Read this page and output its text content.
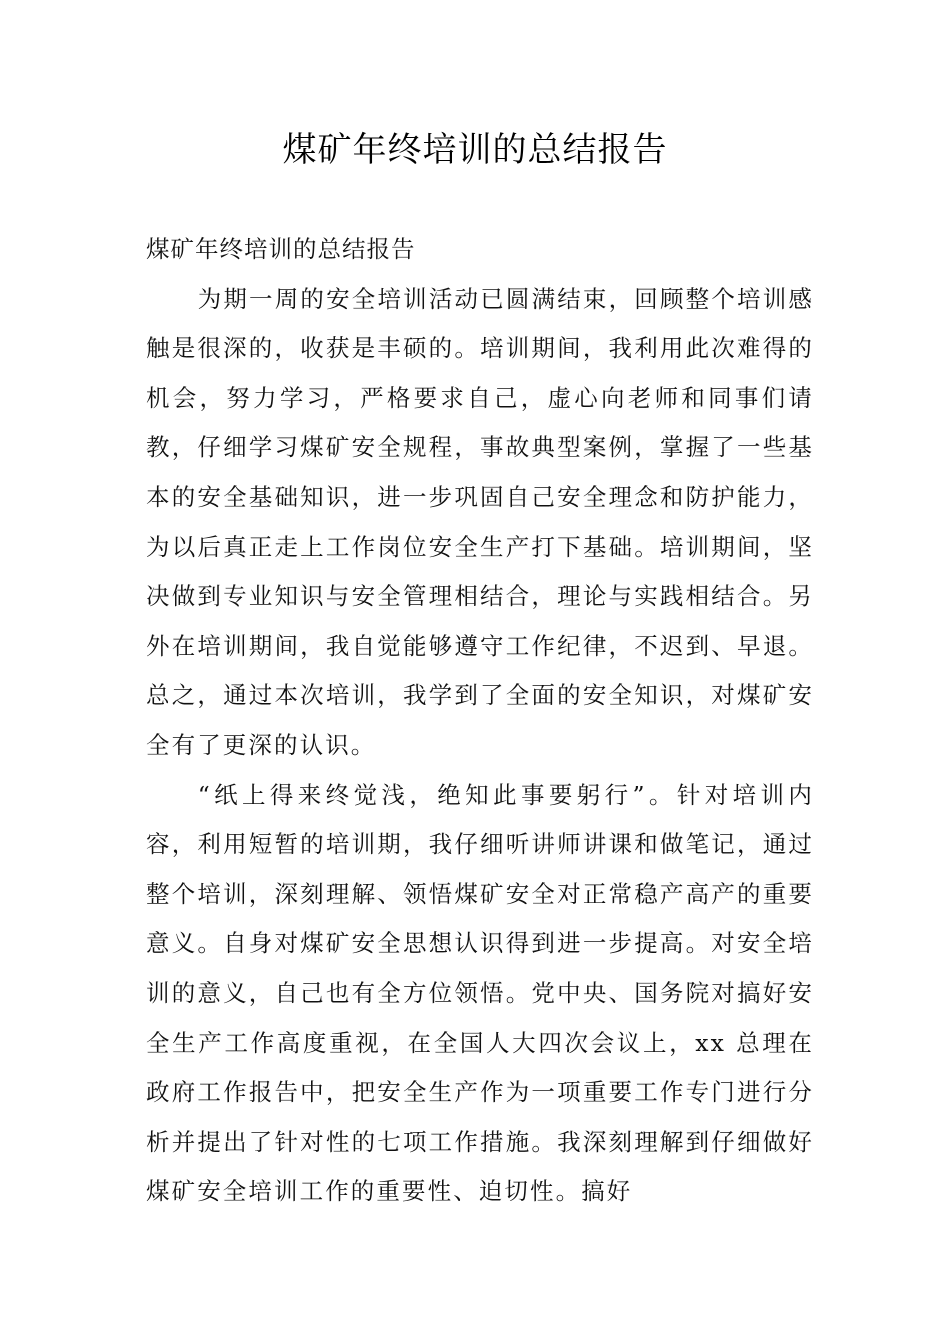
煤矿年终培训的总结报告

煤矿年终培训的总结报告

为期一周的安全培训活动已圆满结束，回顾整个培训感触是很深的，收获是丰硕的。培训期间，我利用此次难得的机会，努力学习，严格要求自己，虚心向老师和同事们请教，仔细学习煤矿安全规程，事故典型案例，掌握了一些基本的安全基础知识，进一步巩固自己安全理念和防护能力，为以后真正走上工作岗位安全生产打下基础。培训期间，坚决做到专业知识与安全管理相结合，理论与实践相结合。另外在培训期间，我自觉能够遵守工作纪律，不迟到、早退。总之，通过本次培训，我学到了全面的安全知识，对煤矿安全有了更深的认识。

“纸上得来终觉浅，绝知此事要躬行”。针对培训内容，利用短暂的培训期，我仔细听讲师讲课和做笔记，通过整个培训，深刻理解、领悟煤矿安全对正常稳产高产的重要意义。自身对煤矿安全思想认识得到进一步提高。对安全培训的意义，自己也有全方位领悟。党中央、国务院对搞好安全生产工作高度重视，在全国人大四次会议上，xx 总理在政府工作报告中，把安全生产作为一项重要工作专门进行分析并提出了针对性的七项工作措施。我深刻理解到仔细做好煤矿安全培训工作的重要性、迫切性。搞好
